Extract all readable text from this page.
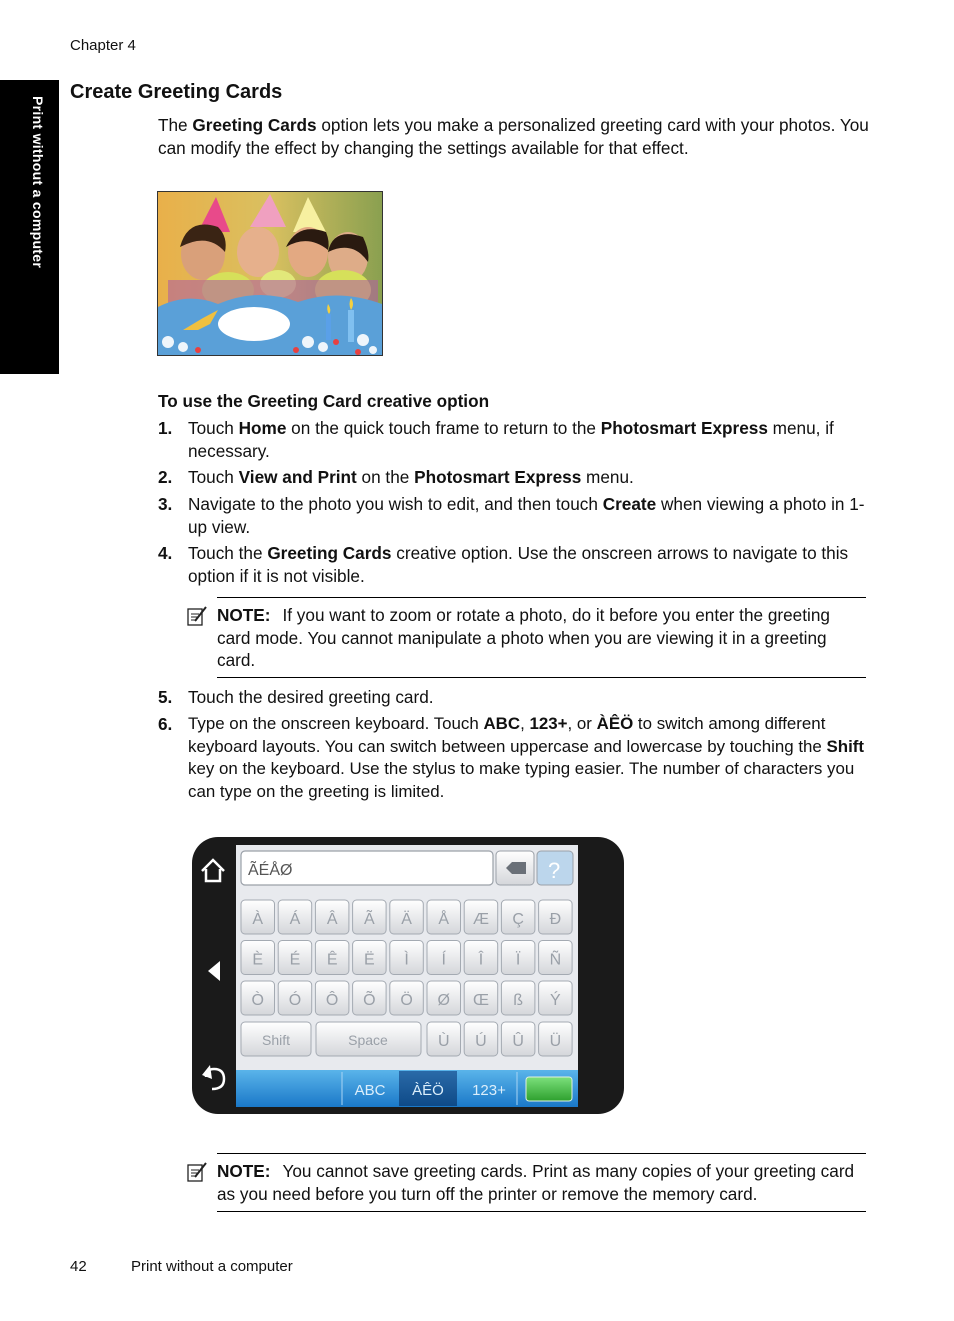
Chapter 4
Print without a computer
Create Greeting Cards
The Greeting Cards option lets you make a personalized greeting card with your photos. You can modify the effect by changing the settings available for that effect.
To use the Greeting Card creative option
1. Touch Home on the quick touch frame to return to the Photosmart Express menu, if necessary.
2. Touch View and Print on the Photosmart Express menu.
3. Navigate to the photo you wish to edit, and then touch Create when viewing a photo in 1-up view.
4. Touch the Greeting Cards creative option. Use the onscreen arrows to navigate to this option if it is not visible.
NOTE: If you want to zoom or rotate a photo, do it before you enter the greeting card mode. You cannot manipulate a photo when you are viewing it in a greeting card.
5. Touch the desired greeting card.
6. Type on the onscreen keyboard. Touch ABC, 123+, or ÀÊÖ to switch among different keyboard layouts. You can switch between uppercase and lowercase by touching the Shift key on the keyboard. Use the stylus to make typing easier. The number of characters you can type on the greeting is limited.
ÃÉÅØ	?
À Á Â Ã Ä Å Æ Ç Ð
È É Ê Ë Ì Í Î Ï Ñ
Ò Ó Ô Õ Ö Ø Œ ß Ý
Shift	Space	Ù Ú Û Ü
ABC ÀÊÖ 123+
NOTE: You cannot save greeting cards. Print as many copies of your greeting card as you need before you turn off the printer or remove the memory card.
42	Print without a computer
